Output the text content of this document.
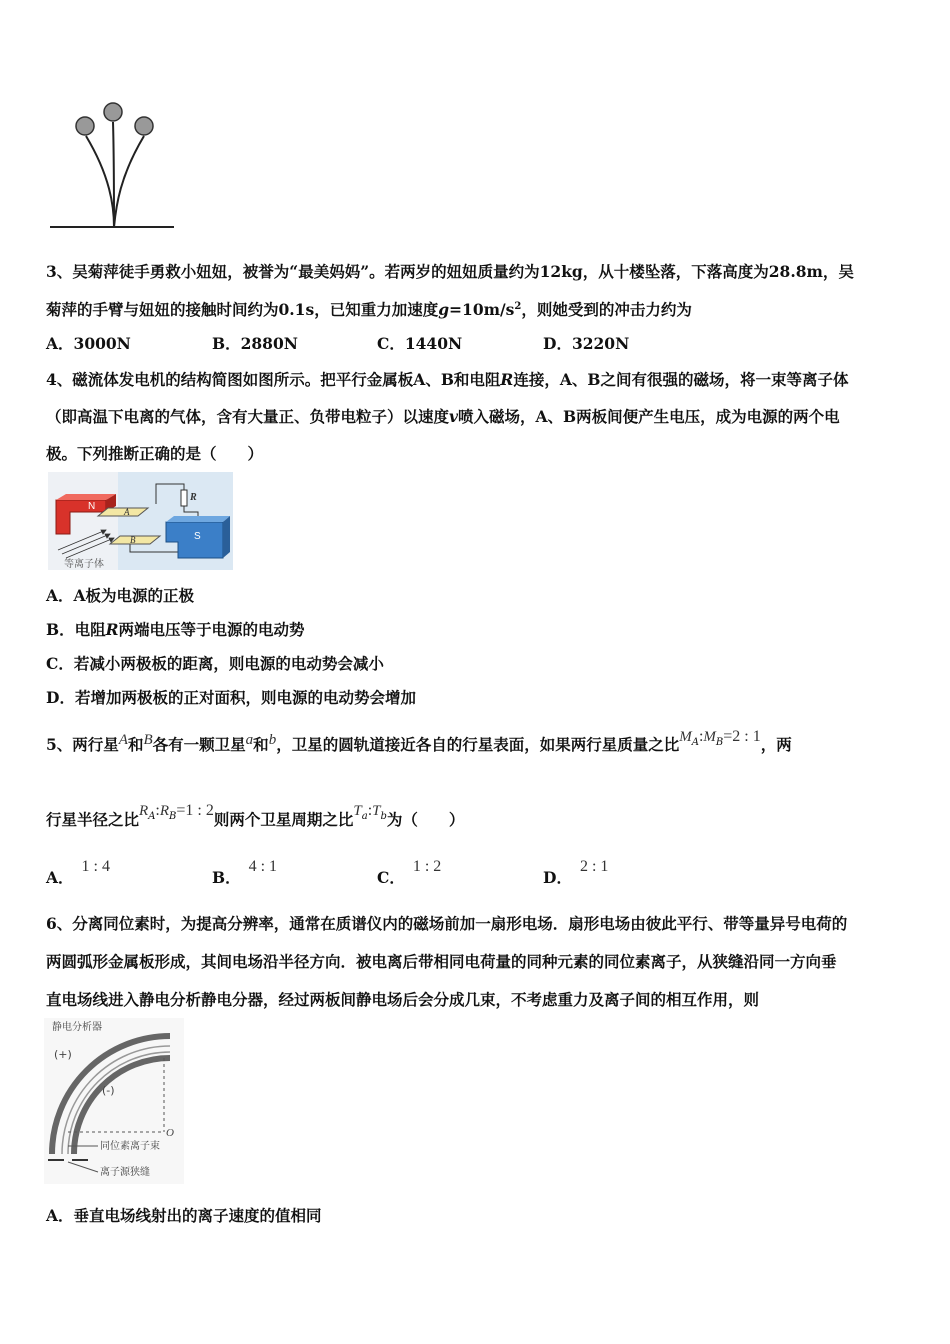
3、吴菊萍徒手勇救小妞妞，被誉为“最美妈妈”。若两岁的妞妞质量约为12kg，从十楼坠落，下落高度为28.8m，吴
菊萍的手臂与妞妞的接触时间约为0.1s，已知重力加速度$g=10m/s^2$，则她受到的冲击力约为
A．3000N	B．2880N	C．1440N	D．3220N
4、磁流体发电机的结构简图如图所示。把平行金属板A、B和电阻R连接，A、B之间有很强的磁场，将一束等离子体
（即高温下电离的气体，含有大量正、负带电粒子）以速度v喷入磁场，A、B两板间便产生电压，成为电源的两个电
极。下列推断正确的是（　　）
R
N	A
B	S
等离子体
A．A板为电源的正极
B．电阻R两端电压等于电源的电动势
C．若减小两极板的距离，则电源的电动势会减小
D．若增加两极板的正对面积，则电源的电动势会增加
5、两行星A和B各有一颗卫星a和b，卫星的圆轨道接近各自的行星表面，如果两行星质量之比$M_A:M_B=2$ : 1，两
行星半径之比$R_A:R_B=1$ : 2则两个卫星周期之比$T_a:T_b$为（　　）
A．1 : 4
B．4 : 1
C．1 : 2
D．2 : 1
6、分离同位素时，为提高分辨率，通常在质谱仪内的磁场前加一扇形电场．扇形电场由彼此平行、带等量异号电荷的
两圆弧形金属板形成，其间电场沿半径方向．被电离后带相同电荷量的同种元素的同位素离子，从狭缝沿同一方向垂
直电场线进入静电分析静电分器，经过两板间静电场后会分成几束，不考虑重力及离子间的相互作用，则
静电分析器
(+)
(-)
O
同位素离子束
离子源狭缝
A．垂直电场线射出的离子速度的值相同
